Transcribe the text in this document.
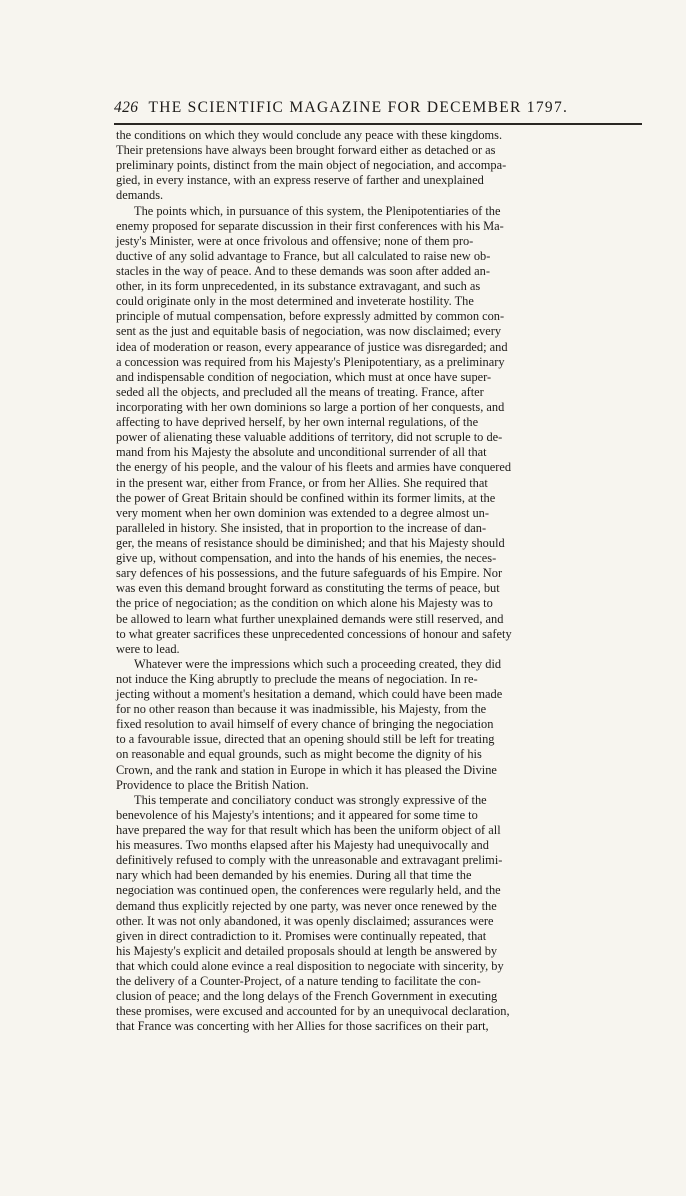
426 THE SCIENTIFIC MAGAZINE FOR DECEMBER 1797.
the conditions on which they would conclude any peace with these kingdoms.
Their pretensions have always been brought forward either as detached or as
preliminary points, distinct from the main object of negociation, and accompa-
gied, in every instance, with an express reserve of farther and unexplained
demands.
The points which, in pursuance of this system, the Plenipotentiaries of the
enemy proposed for separate discussion in their first conferences with his Ma-
jesty's Minister, were at once frivolous and offensive; none of them pro-
ductive of any solid advantage to France, but all calculated to raise new ob-
stacles in the way of peace. And to these demands was soon after added an-
other, in its form unprecedented, in its substance extravagant, and such as
could originate only in the most determined and inveterate hostility. The
principle of mutual compensation, before expressly admitted by common con-
sent as the just and equitable basis of negociation, was now disclaimed; every
idea of moderation or reason, every appearance of justice was disregarded; and
a concession was required from his Majesty's Plenipotentiary, as a preliminary
and indispensable condition of negociation, which must at once have super-
seded all the objects, and precluded all the means of treating. France, after
incorporating with her own dominions so large a portion of her conquests, and
affecting to have deprived herself, by her own internal regulations, of the
power of alienating these valuable additions of territory, did not scruple to de-
mand from his Majesty the absolute and unconditional surrender of all that
the energy of his people, and the valour of his fleets and armies have conquered
in the present war, either from France, or from her Allies. She required that
the power of Great Britain should be confined within its former limits, at the
very moment when her own dominion was extended to a degree almost un-
paralleled in history. She insisted, that in proportion to the increase of dan-
ger, the means of resistance should be diminished; and that his Majesty should
give up, without compensation, and into the hands of his enemies, the neces-
sary defences of his possessions, and the future safeguards of his Empire. Nor
was even this demand brought forward as constituting the terms of peace, but
the price of negociation; as the condition on which alone his Majesty was to
be allowed to learn what further unexplained demands were still reserved, and
to what greater sacrifices these unprecedented concessions of honour and safety
were to lead.
Whatever were the impressions which such a proceeding created, they did
not induce the King abruptly to preclude the means of negociation. In re-
jecting without a moment's hesitation a demand, which could have been made
for no other reason than because it was inadmissible, his Majesty, from the
fixed resolution to avail himself of every chance of bringing the negociation
to a favourable issue, directed that an opening should still be left for treating
on reasonable and equal grounds, such as might become the dignity of his
Crown, and the rank and station in Europe in which it has pleased the Divine
Providence to place the British Nation.
This temperate and conciliatory conduct was strongly expressive of the
benevolence of his Majesty's intentions; and it appeared for some time to
have prepared the way for that result which has been the uniform object of all
his measures. Two months elapsed after his Majesty had unequivocally and
definitively refused to comply with the unreasonable and extravagant prelimi-
nary which had been demanded by his enemies. During all that time the
negociation was continued open, the conferences were regularly held, and the
demand thus explicitly rejected by one party, was never once renewed by the
other. It was not only abandoned, it was openly disclaimed; assurances were
given in direct contradiction to it. Promises were continually repeated, that
his Majesty's explicit and detailed proposals should at length be answered by
that which could alone evince a real disposition to negociate with sincerity, by
the delivery of a Counter-Project, of a nature tending to facilitate the con-
clusion of peace; and the long delays of the French Government in executing
these promises, were excused and accounted for by an unequivocal declaration,
that France was concerting with her Allies for those sacrifices on their part,
